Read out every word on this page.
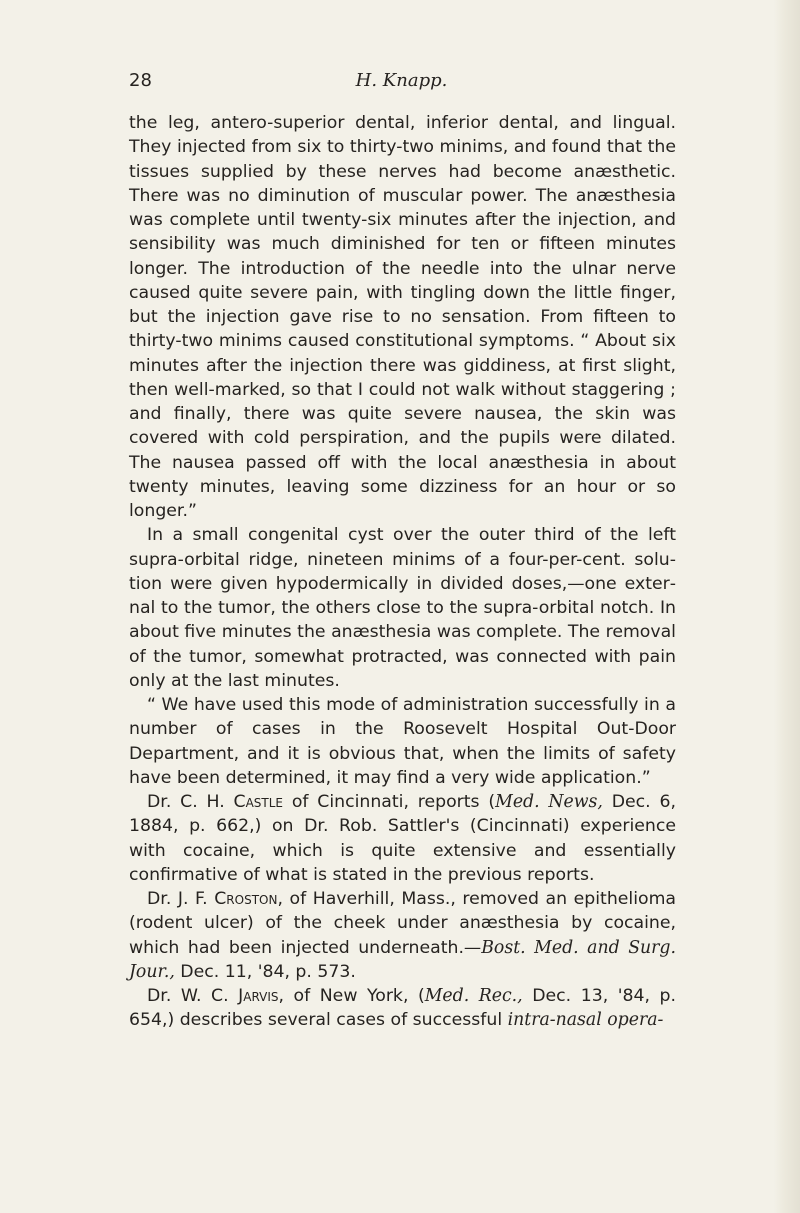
28	H. Knapp.

the leg, antero-superior dental, inferior dental, and lingual. They injected from six to thirty-two minims, and found that the tissues supplied by these nerves had become anæsthetic. There was no diminution of muscular power. The anæsthesia was complete until twenty-six minutes after the injection, and sensibility was much diminished for ten or fifteen minutes longer. The introduction of the needle into the ulnar nerve caused quite severe pain, with tingling down the little finger, but the injection gave rise to no sensation. From fifteen to thirty-two minims caused constitutional symptoms. “ About six minutes after the injection there was giddiness, at first slight, then well-marked, so that I could not walk without staggering ; and finally, there was quite severe nausea, the skin was covered with cold perspiration, and the pupils were dilated. The nausea passed off with the local anæsthesia in about twenty minutes, leaving some dizziness for an hour or so longer.”

In a small congenital cyst over the outer third of the left supra-orbital ridge, nineteen minims of a four-per-cent. solution were given hypodermically in divided doses,—one external to the tumor, the others close to the supra-orbital notch. In about five minutes the anæsthesia was complete. The removal of the tumor, somewhat protracted, was connected with pain only at the last minutes.

“ We have used this mode of administration successfully in a number of cases in the Roosevelt Hospital Out-Door Department, and it is obvious that, when the limits of safety have been determined, it may find a very wide application.”

Dr. C. H. Castle of Cincinnati, reports (Med. News, Dec. 6, 1884, p. 662,) on Dr. Rob. Sattler's (Cincinnati) experience with cocaine, which is quite extensive and essentially confirmative of what is stated in the previous reports.

Dr. J. F. Croston, of Haverhill, Mass., removed an epithelioma (rodent ulcer) of the cheek under anæsthesia by cocaine, which had been injected underneath.—Bost. Med. and Surg. Jour., Dec. 11, '84, p. 573.

Dr. W. C. Jarvis, of New York, (Med. Rec., Dec. 13, '84, p. 654,) describes several cases of successful intra-nasal opera-
